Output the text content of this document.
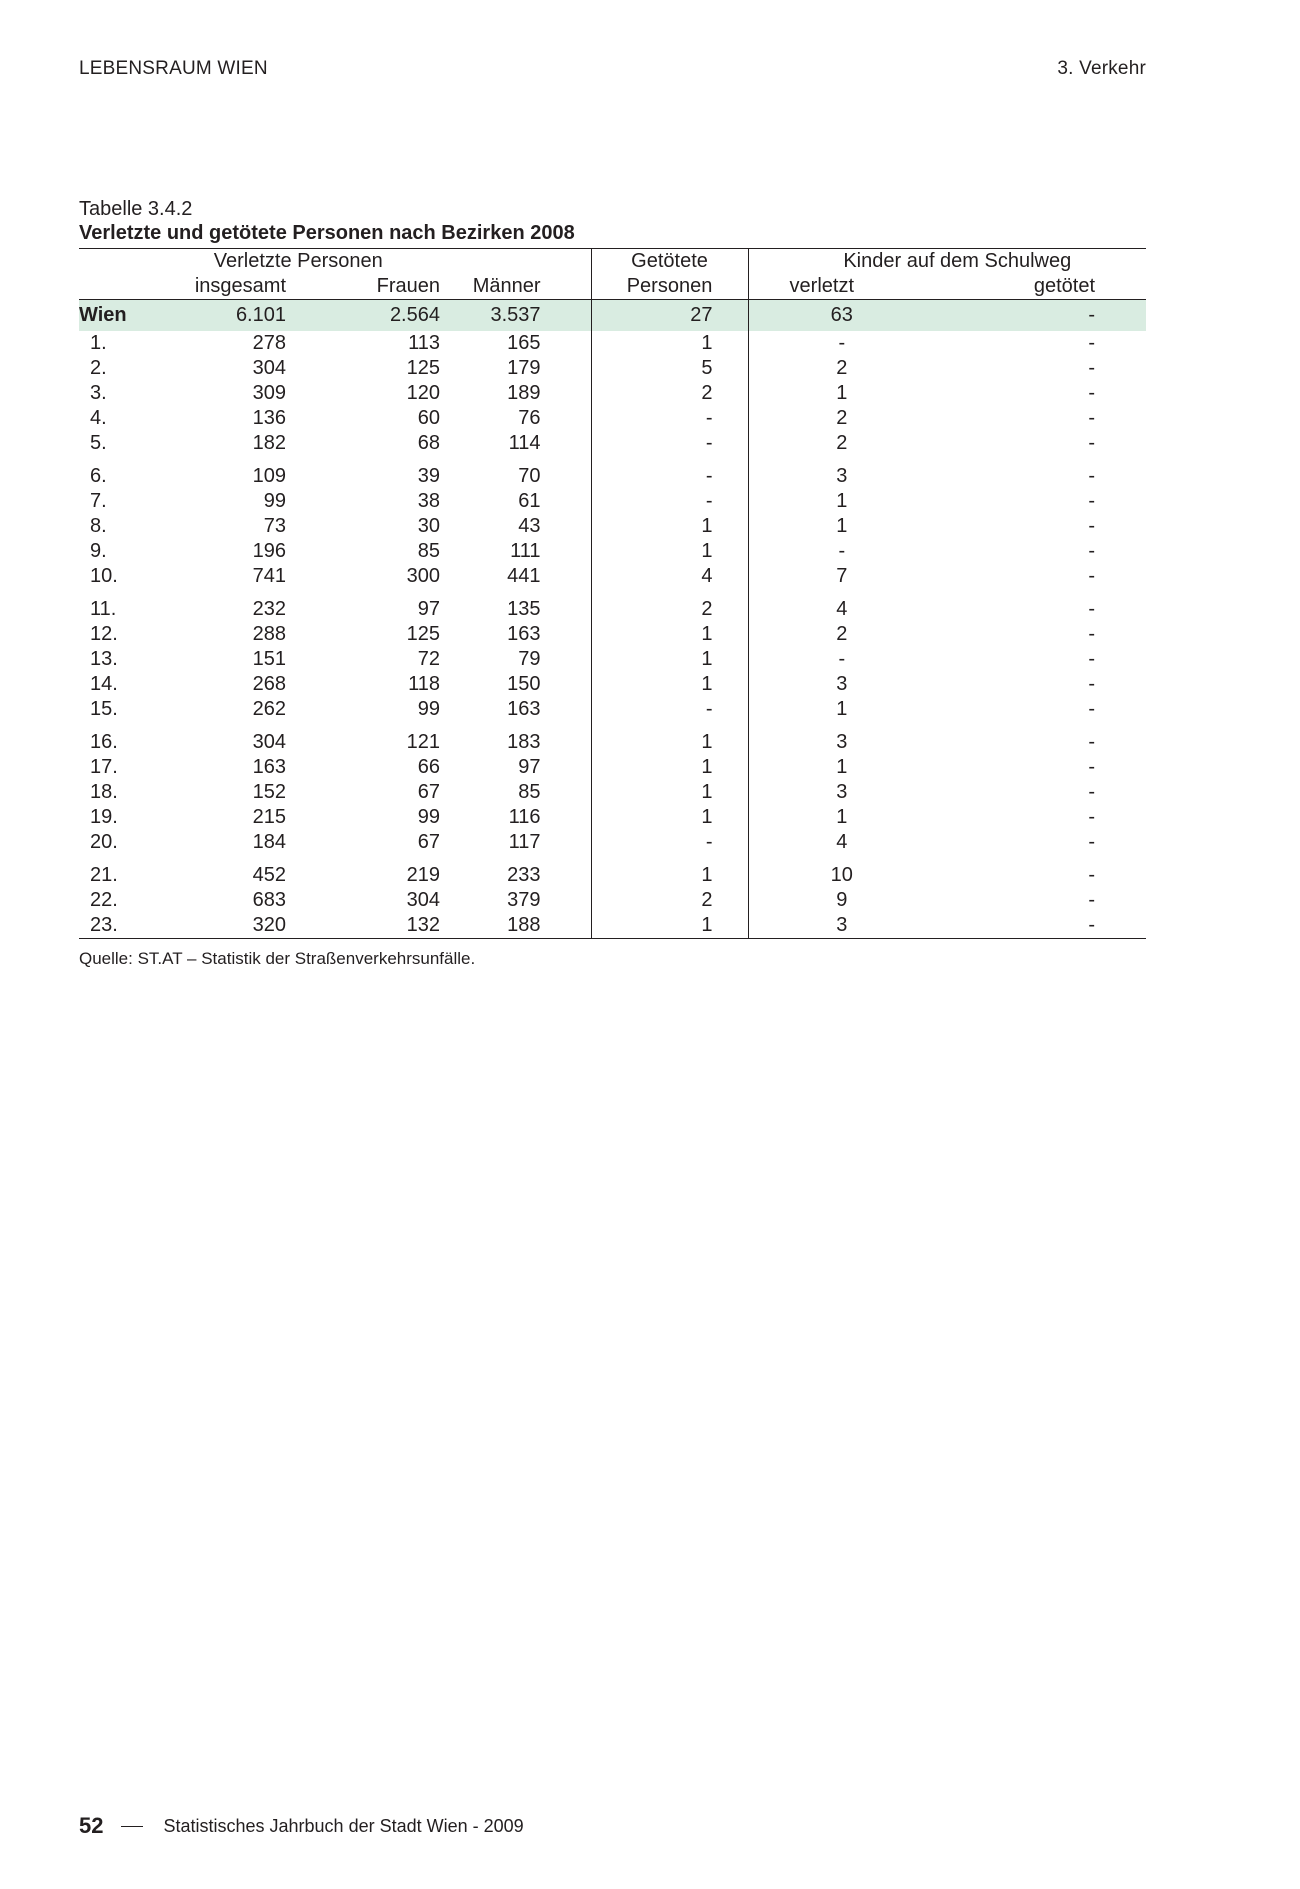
LEBENSRAUM WIEN	3. Verkehr
Tabelle 3.4.2
Verletzte und getötete Personen nach Bezirken 2008
	Verletzte Personen			Getötete	Kinder auf dem Schulweg	
	insgesamt	Frauen	Männer	Personen	verletzt	getötet
Wien	6.101	2.564	3.537	27	63	-
1.	278	113	165	1	-	-
2.	304	125	179	5	2	-
3.	309	120	189	2	1	-
4.	136	60	76	-	2	-
5.	182	68	114	-	2	-
6.	109	39	70	-	3	-
7.	99	38	61	-	1	-
8.	73	30	43	1	1	-
9.	196	85	111	1	-	-
10.	741	300	441	4	7	-
11.	232	97	135	2	4	-
12.	288	125	163	1	2	-
13.	151	72	79	1	-	-
14.	268	118	150	1	3	-
15.	262	99	163	-	1	-
16.	304	121	183	1	3	-
17.	163	66	97	1	1	-
18.	152	67	85	1	3	-
19.	215	99	116	1	1	-
20.	184	67	117	-	4	-
21.	452	219	233	1	10	-
22.	683	304	379	2	9	-
23.	320	132	188	1	3	-
Quelle: ST.AT – Statistik der Straßenverkehrsunfälle.
52	Statistisches Jahrbuch der Stadt Wien - 2009
